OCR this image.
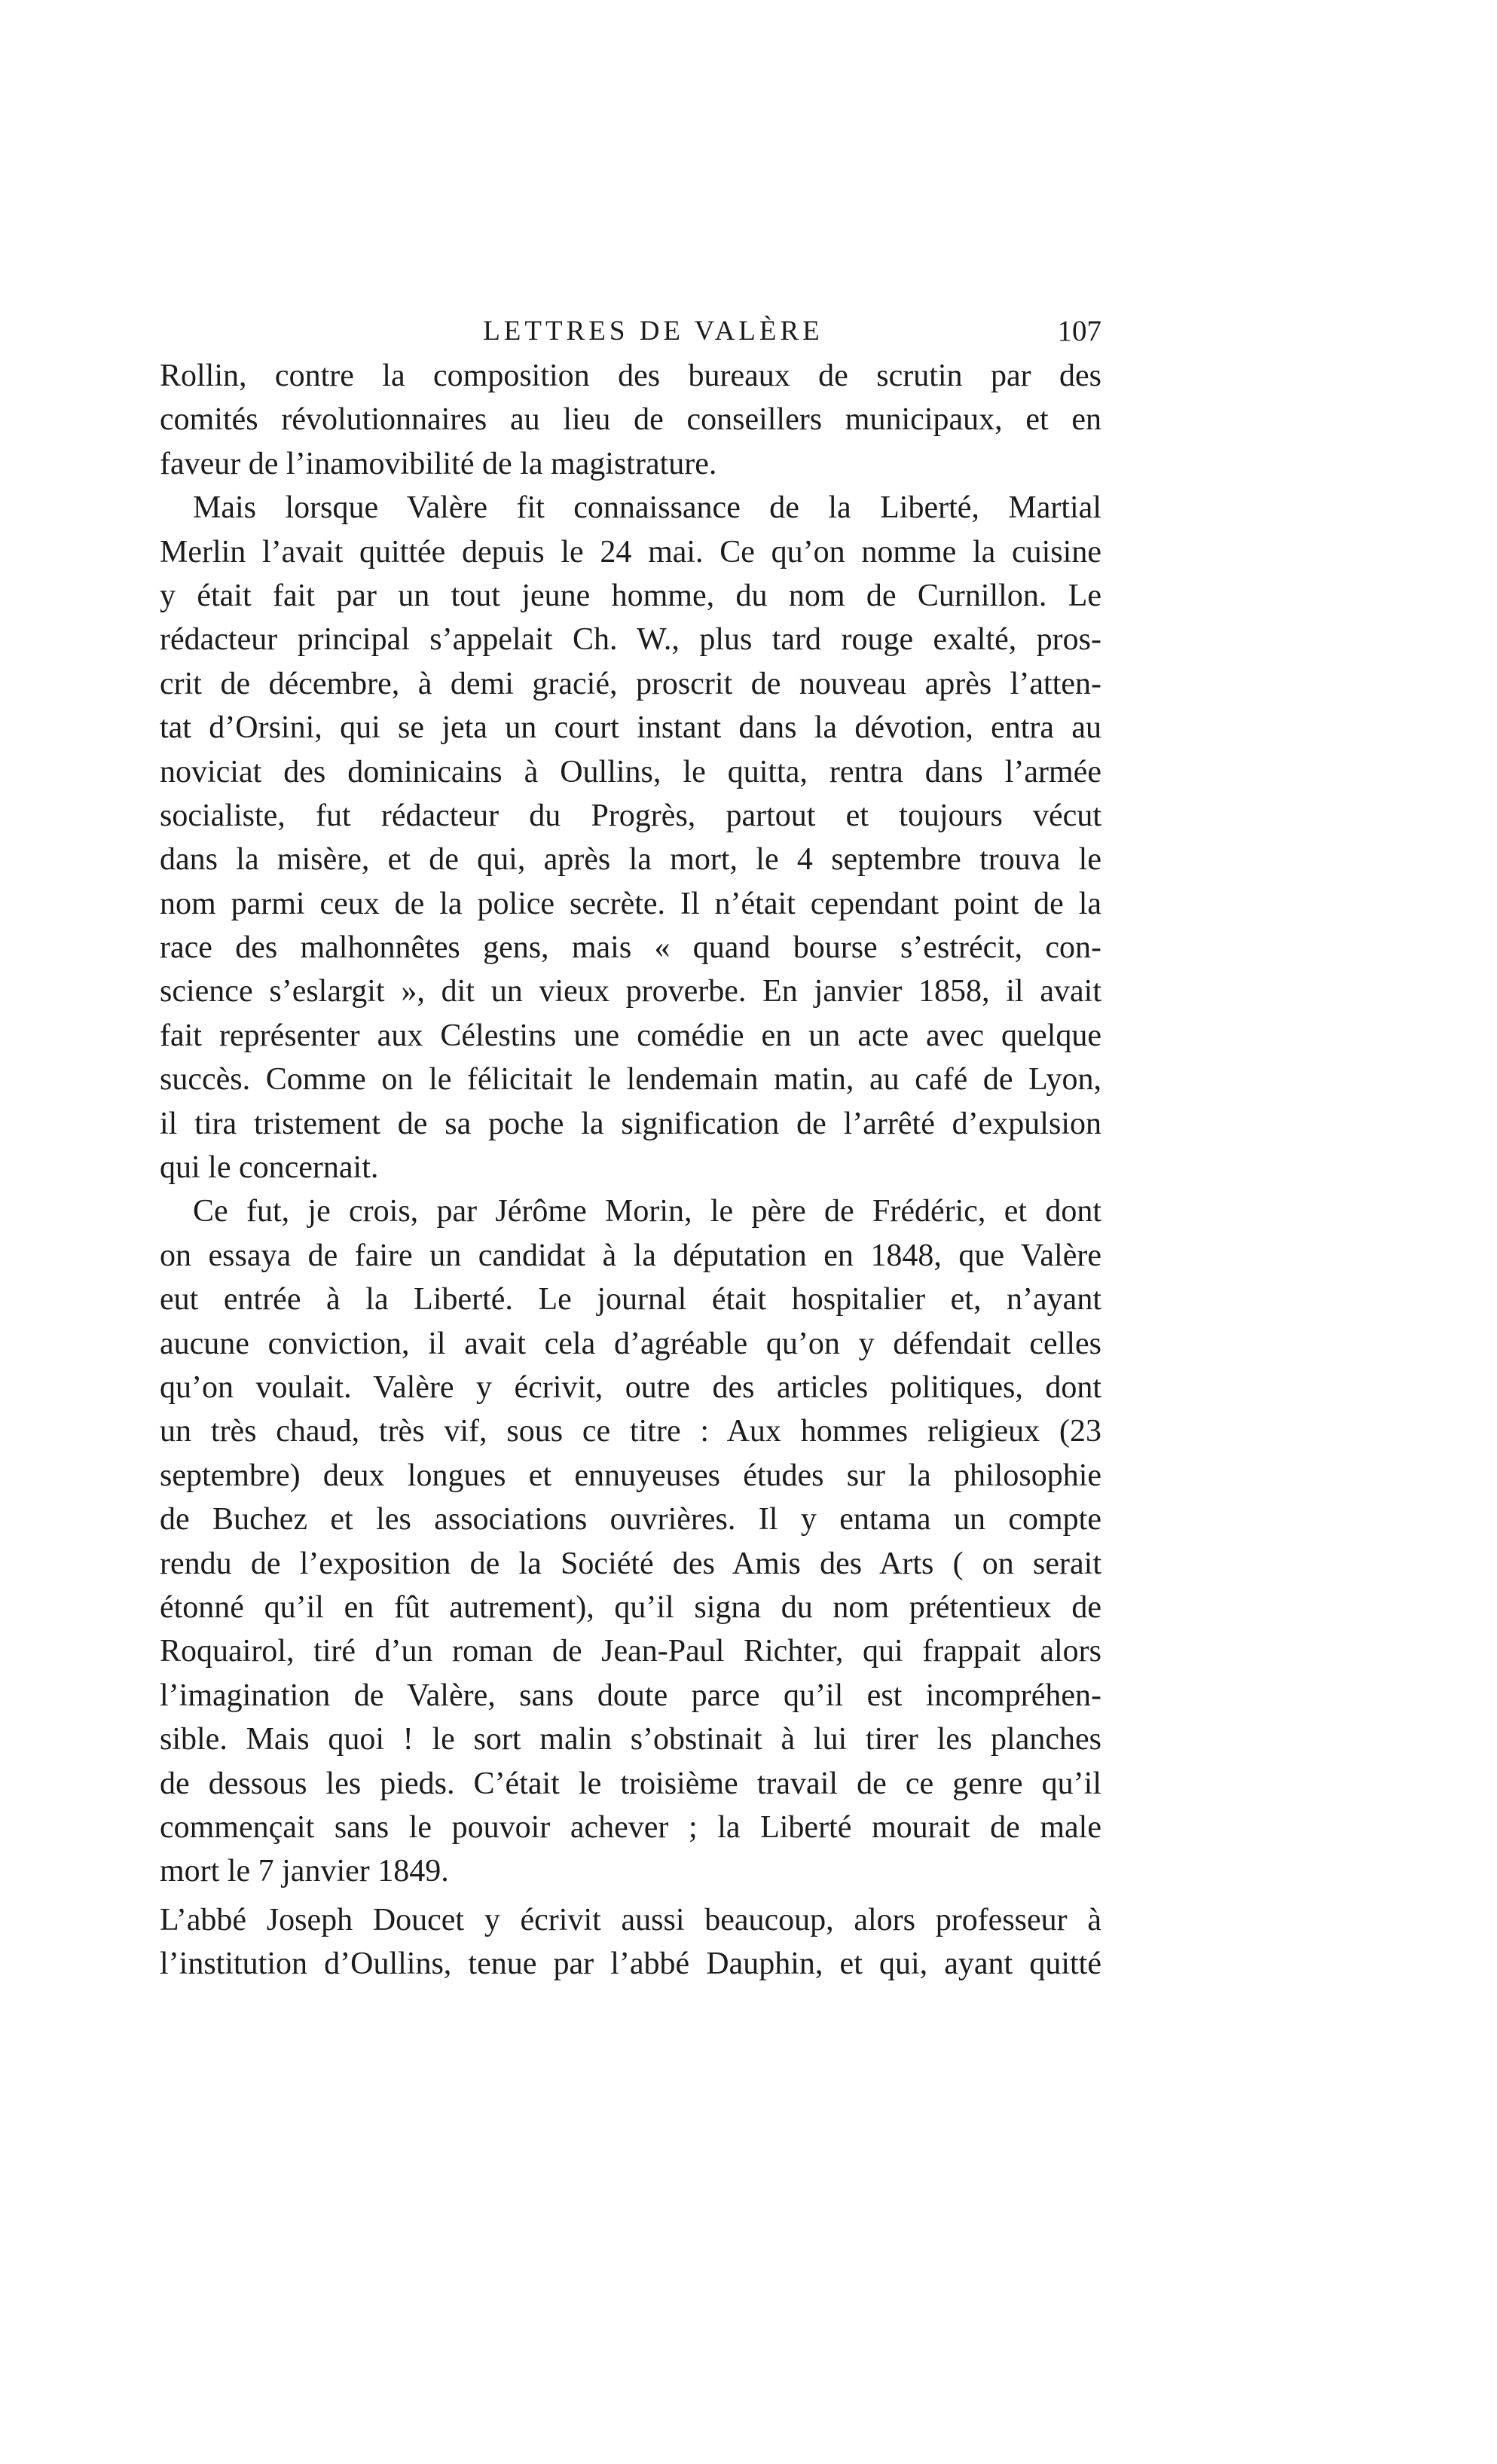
LETTRES DE VALÈRE	107
Rollin, contre la composition des bureaux de scrutin par des
comités révolutionnaires au lieu de conseillers municipaux, et en
faveur de l’inamovibilité de la magistrature.
Mais lorsque Valère fit connaissance de la Liberté, Martial
Merlin l’avait quittée depuis le 24 mai. Ce qu’on nomme la cuisine
y était fait par un tout jeune homme, du nom de Curnillon. Le
rédacteur principal s’appelait Ch. W., plus tard rouge exalté, pros-
crit de décembre, à demi gracié, proscrit de nouveau après l’atten-
tat d’Orsini, qui se jeta un court instant dans la dévotion, entra au
noviciat des dominicains à Oullins, le quitta, rentra dans l’armée
socialiste, fut rédacteur du Progrès, partout et toujours vécut
dans la misère, et de qui, après la mort, le 4 septembre trouva le
nom parmi ceux de la police secrète. Il n’était cependant point de la
race des malhonnêtes gens, mais « quand bourse s’estrécit, con-
science s’eslargit », dit un vieux proverbe. En janvier 1858, il avait
fait représenter aux Célestins une comédie en un acte avec quelque
succès. Comme on le félicitait le lendemain matin, au café de Lyon,
il tira tristement de sa poche la signification de l’arrêté d’expulsion
qui le concernait.
Ce fut, je crois, par Jérôme Morin, le père de Frédéric, et dont
on essaya de faire un candidat à la députation en 1848, que Valère
eut entrée à la Liberté. Le journal était hospitalier et, n’ayant
aucune conviction, il avait cela d’agréable qu’on y défendait celles
qu’on voulait. Valère y écrivit, outre des articles politiques, dont
un très chaud, très vif, sous ce titre : Aux hommes religieux (23
septembre) deux longues et ennuyeuses études sur la philosophie
de Buchez et les associations ouvrières. Il y entama un compte
rendu de l’exposition de la Société des Amis des Arts ( on serait
étonné qu’il en fût autrement), qu’il signa du nom prétentieux de
Roquairol, tiré d’un roman de Jean-Paul Richter, qui frappait alors
l’imagination de Valère, sans doute parce qu’il est incompréhen-
sible. Mais quoi ! le sort malin s’obstinait à lui tirer les planches
de dessous les pieds. C’était le troisième travail de ce genre qu’il
commençait sans le pouvoir achever ; la Liberté mourait de male
mort le 7 janvier 1849.
L’abbé Joseph Doucet y écrivit aussi beaucoup, alors professeur à
l’institution d’Oullins, tenue par l’abbé Dauphin, et qui, ayant quitté
